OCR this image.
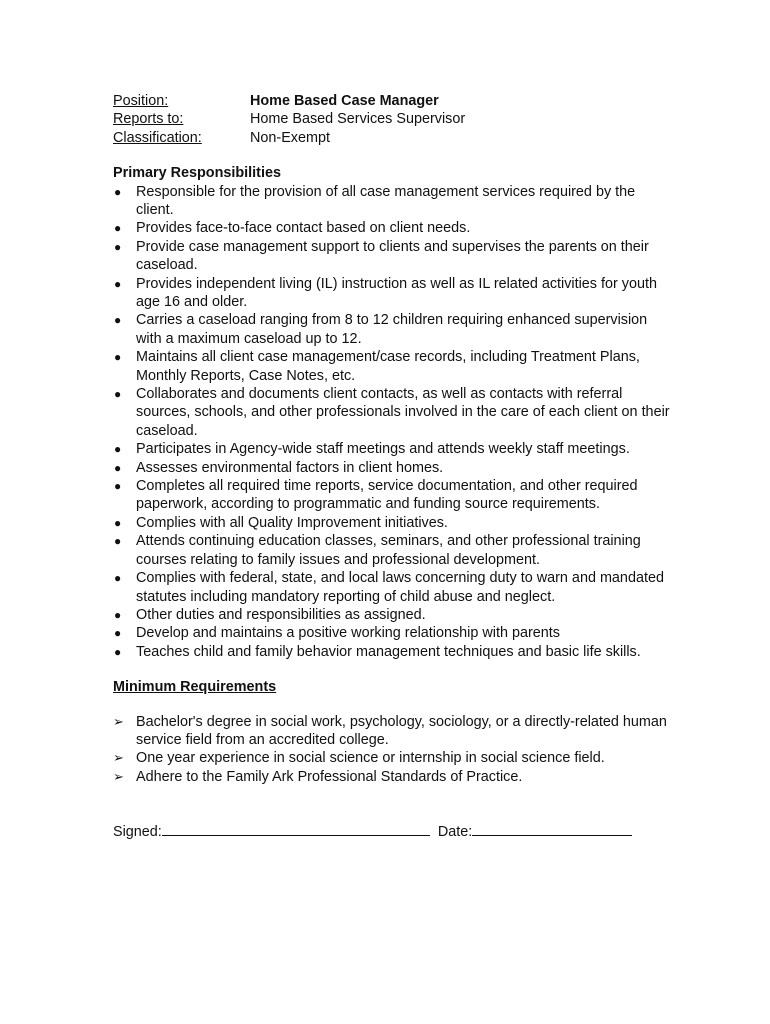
Position:	Home Based Case Manager
Reports to:	Home Based Services Supervisor
Classification:	Non-Exempt
Primary Responsibilities
● Responsible for the provision of all case management services required by the client.
● Provides face-to-face contact based on client needs.
● Provide case management support to clients and supervises the parents on their caseload.
● Provides independent living (IL) instruction as well as IL related activities for youth age 16 and older.
● Carries a caseload ranging from 8 to 12 children requiring enhanced supervision with a maximum caseload up to 12.
● Maintains all client case management/case records, including Treatment Plans, Monthly Reports, Case Notes, etc.
● Collaborates and documents client contacts, as well as contacts with referral sources, schools, and other professionals involved in the care of each client on their caseload.
● Participates in Agency-wide staff meetings and attends weekly staff meetings.
● Assesses environmental factors in client homes.
● Completes all required time reports, service documentation, and other required paperwork, according to programmatic and funding source requirements.
● Complies with all Quality Improvement initiatives.
● Attends continuing education classes, seminars, and other professional training courses relating to family issues and professional development.
● Complies with federal, state, and local laws concerning duty to warn and mandated statutes including mandatory reporting of child abuse and neglect.
● Other duties and responsibilities as assigned.
● Develop and maintains a positive working relationship with parents
● Teaches child and family behavior management techniques and basic life skills.
Minimum Requirements
➢ Bachelor's degree in social work, psychology, sociology, or a directly-related human service field from an accredited college.
➢ One year experience in social science or internship in social science field.
➢ Adhere to the Family Ark Professional Standards of Practice.
Signed:	Date:
